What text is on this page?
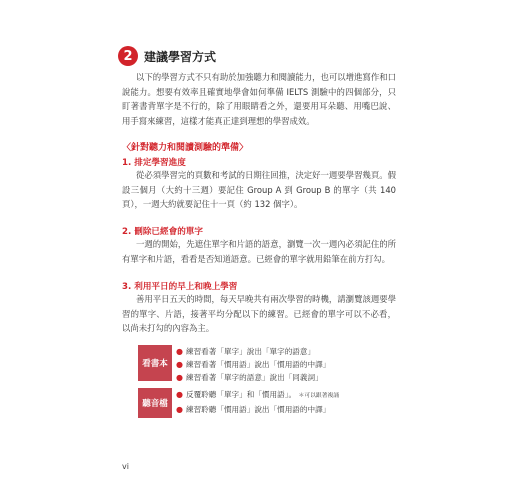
2 建議學習方式

以下的學習方式不只有助於加強聽力和閱讀能力，也可以增進寫作和口說能力。想要有效率且確實地學會如何準備 IELTS 測驗中的四個部分，只盯著書背單字是不行的，除了用眼睛看之外，還要用耳朵聽、用嘴巴說、用手寫來練習，這樣才能真正達到理想的學習成效。

〈針對聽力和閱讀測驗的準備〉
1. 排定學習進度

從必須學習完的頁數和考試的日期往回推，決定好一週要學習幾頁。假設三個月（大約十三週）要記住 Group A 到 Group B 的單字（共 140 頁），一週大約就要記住十一頁（約 132 個字）。

2. 刪除已經會的單字

一週的開始，先遮住單字和片語的語意，瀏覽一次一週內必須記住的所有單字和片語，看看是否知道語意。已經會的單字就用鉛筆在前方打勾。

3. 利用平日的早上和晚上學習

善用平日五天的時間，每天早晚共有兩次學習的時機，請瀏覽該週要學習的單字、片語，接著平均分配以下的練習。已經會的單字可以不必看，以尚未打勾的內容為主。

看書本
● 練習看著「單字」說出「單字的語意」
● 練習看著「慣用語」說出「慣用語的中譯」
● 練習看著「單字的語意」說出「同義詞」
聽音檔
● 反覆聆聽「單字」和「慣用語」。 ＊可以跟著複誦
● 練習聆聽「慣用語」說出「慣用語的中譯」
vi
